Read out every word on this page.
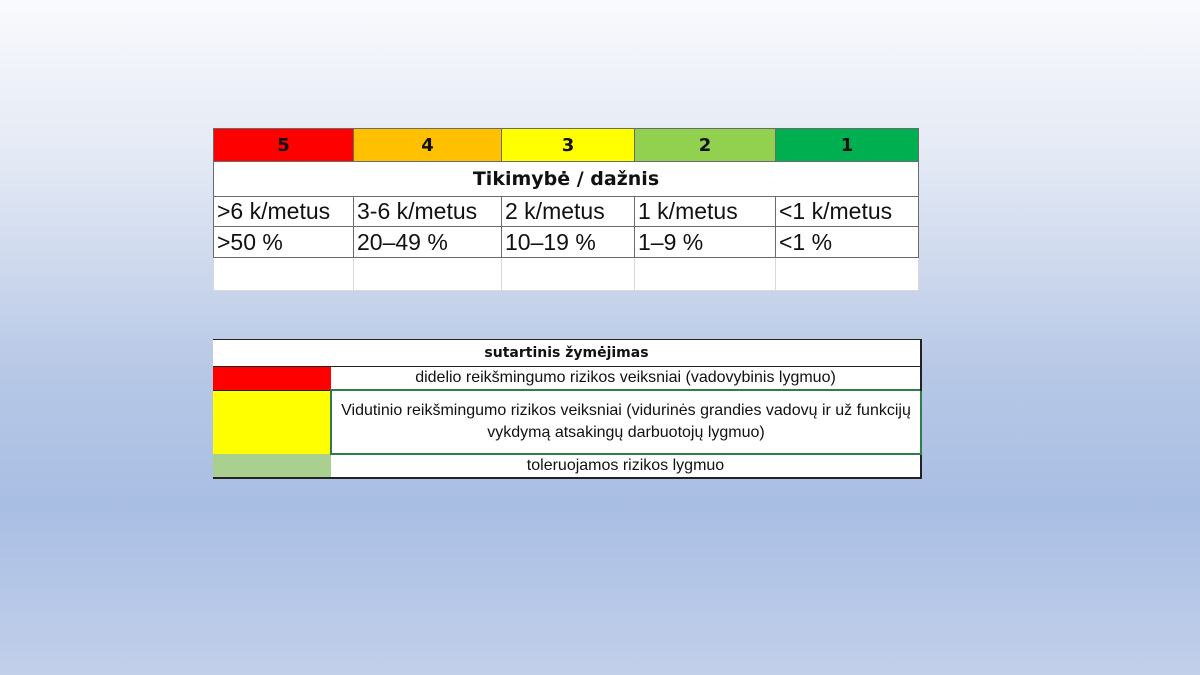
5	4	3	2	1
Tikimybė / dažnis				
>6 k/metus	3-6 k/metus	2 k/metus	1 k/metus	<1 k/metus
>50 %	20–49 %	10–19 %	1–9 %	<1 %

sutartinis žymėjimas	
	didelio reikšmingumo rizikos veiksniai (vadovybinis lygmuo)
	Vidutinio reikšmingumo rizikos veiksniai (vidurinės grandies vadovų ir už funkcijų vykdymą atsakingų darbuotojų lygmuo)
	toleruojamos rizikos lygmuo
